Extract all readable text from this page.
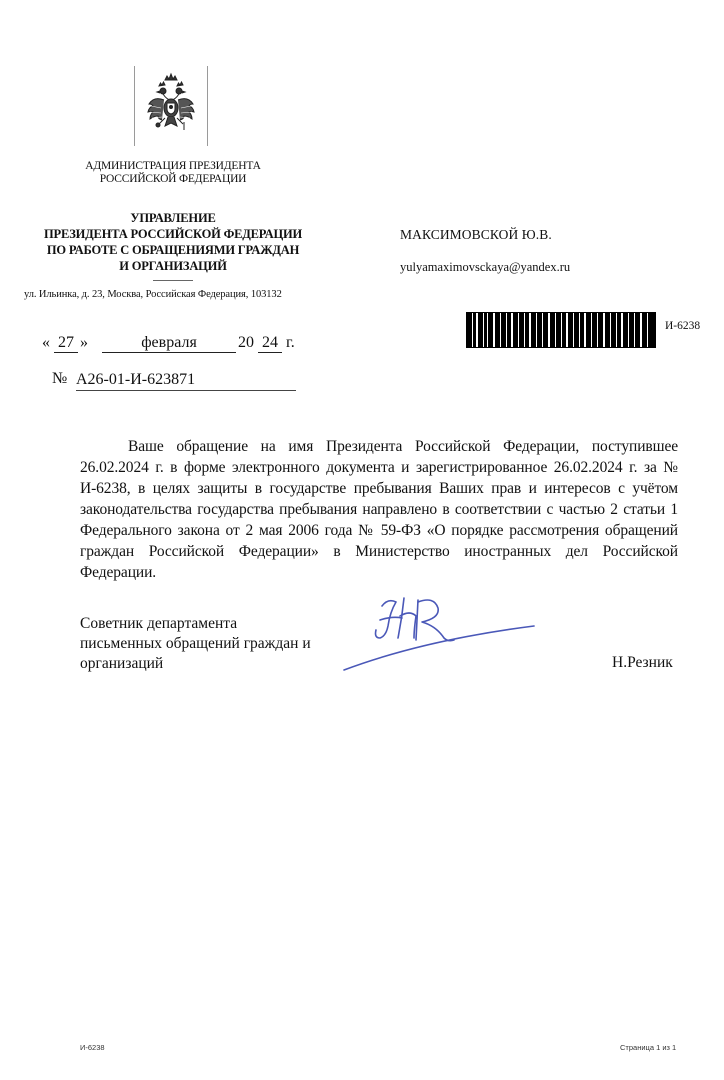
АДМИНИСТРАЦИЯ ПРЕЗИДЕНТА
РОССИЙСКОЙ ФЕДЕРАЦИИ
УПРАВЛЕНИЕ
ПРЕЗИДЕНТА РОССИЙСКОЙ ФЕДЕРАЦИИ
ПО РАБОТЕ С ОБРАЩЕНИЯМИ ГРАЖДАН
И ОРГАНИЗАЦИЙ
ул. Ильинка, д. 23, Москва, Российская Федерация, 103132
МАКСИМОВСКОЙ Ю.В.
yulyamaximovsckaya@yandex.ru
И-6238
« 27 »	февраля	20 24 г.
№ А26-01-И-623871
Ваше обращение на имя Президента Российской Федерации, поступившее 26.02.2024 г. в форме электронного документа и зарегистрированное 26.02.2024 г. за № И-6238, в целях защиты в государстве пребывания Ваших прав и интересов с учётом законодательства государства пребывания направлено в соответствии с частью 2 статьи 1 Федерального закона от 2 мая 2006 года № 59-ФЗ «О порядке рассмотрения обращений граждан Российской Федерации» в Министерство иностранных дел Российской Федерации.
Советник департамента
письменных обращений граждан и
организаций	Н.Резник
И-6238	Страница 1 из 1
